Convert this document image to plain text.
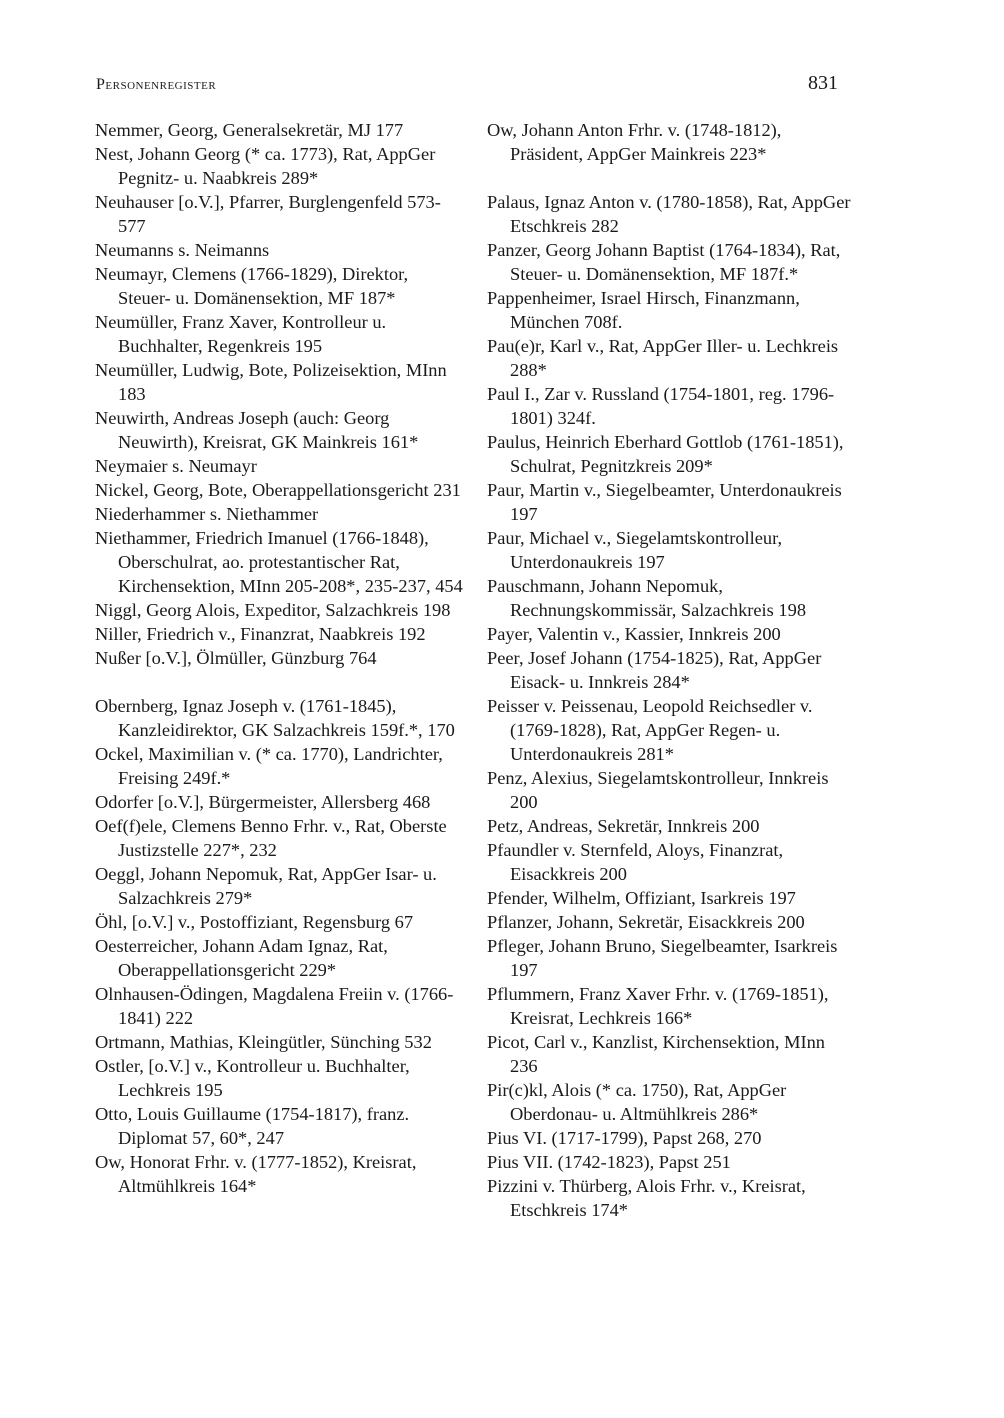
Personenregister	831

Nemmer, Georg, Generalsekretär, MJ 177

Nest, Johann Georg (* ca. 1773), Rat, AppGer Pegnitz- u. Naabkreis 289*

Neuhauser [o.V.], Pfarrer, Burglengenfeld 573-577

Neumanns s. Neimanns

Neumayr, Clemens (1766-1829), Direktor, Steuer- u. Domänensektion, MF 187*

Neumüller, Franz Xaver, Kontrolleur u. Buchhalter, Regenkreis 195

Neumüller, Ludwig, Bote, Polizeisektion, MInn 183

Neuwirth, Andreas Joseph (auch: Georg Neuwirth), Kreisrat, GK Mainkreis 161*

Neymaier s. Neumayr

Nickel, Georg, Bote, Oberappellationsgericht 231

Niederhammer s. Niethammer

Niethammer, Friedrich Imanuel (1766-1848), Oberschulrat, ao. protestantischer Rat, Kirchensektion, MInn 205-208*, 235-237, 454

Niggl, Georg Alois, Expeditor, Salzachkreis 198

Niller, Friedrich v., Finanzrat, Naabkreis 192

Nußer [o.V.], Ölmüller, Günzburg 764

Obernberg, Ignaz Joseph v. (1761-1845), Kanzleidirektor, GK Salzachkreis 159f.*, 170

Ockel, Maximilian v. (* ca. 1770), Landrichter, Freising 249f.*

Odorfer [o.V.], Bürgermeister, Allersberg 468

Oef(f)ele, Clemens Benno Frhr. v., Rat, Oberste Justizstelle 227*, 232

Oeggl, Johann Nepomuk, Rat, AppGer Isar- u. Salzachkreis 279*

Öhl, [o.V.] v., Postoffiziant, Regensburg 67

Oesterreicher, Johann Adam Ignaz, Rat, Oberappellationsgericht 229*

Olnhausen-Ödingen, Magdalena Freiin v. (1766-1841) 222

Ortmann, Mathias, Kleingütler, Sünching 532

Ostler, [o.V.] v., Kontrolleur u. Buchhalter, Lechkreis 195

Otto, Louis Guillaume (1754-1817), franz. Diplomat 57, 60*, 247

Ow, Honorat Frhr. v. (1777-1852), Kreisrat, Altmühlkreis 164*

Ow, Johann Anton Frhr. v. (1748-1812), Präsident, AppGer Mainkreis 223*

Palaus, Ignaz Anton v. (1780-1858), Rat, AppGer Etschkreis 282

Panzer, Georg Johann Baptist (1764-1834), Rat, Steuer- u. Domänensektion, MF 187f.*

Pappenheimer, Israel Hirsch, Finanzmann, München 708f.

Pau(e)r, Karl v., Rat, AppGer Iller- u. Lechkreis 288*

Paul I., Zar v. Russland (1754-1801, reg. 1796-1801) 324f.

Paulus, Heinrich Eberhard Gottlob (1761-1851), Schulrat, Pegnitzkreis 209*

Paur, Martin v., Siegelbeamter, Unterdonaukreis 197

Paur, Michael v., Siegelamtskontrolleur, Unterdonaukreis 197

Pauschmann, Johann Nepomuk, Rechnungskommissär, Salzachkreis 198

Payer, Valentin v., Kassier, Innkreis 200

Peer, Josef Johann (1754-1825), Rat, AppGer Eisack- u. Innkreis 284*

Peisser v. Peissenau, Leopold Reichsedler v. (1769-1828), Rat, AppGer Regen- u. Unterdonaukreis 281*

Penz, Alexius, Siegelamtskontrolleur, Innkreis 200

Petz, Andreas, Sekretär, Innkreis 200

Pfaundler v. Sternfeld, Aloys, Finanzrat, Eisackkreis 200

Pfender, Wilhelm, Offiziant, Isarkreis 197

Pflanzer, Johann, Sekretär, Eisackkreis 200

Pfleger, Johann Bruno, Siegelbeamter, Isarkreis 197

Pflummern, Franz Xaver Frhr. v. (1769-1851), Kreisrat, Lechkreis 166*

Picot, Carl v., Kanzlist, Kirchensektion, MInn 236

Pir(c)kl, Alois (* ca. 1750), Rat, AppGer Oberdonau- u. Altmühlkreis 286*

Pius VI. (1717-1799), Papst 268, 270

Pius VII. (1742-1823), Papst 251

Pizzini v. Thürberg, Alois Frhr. v., Kreisrat, Etschkreis 174*
